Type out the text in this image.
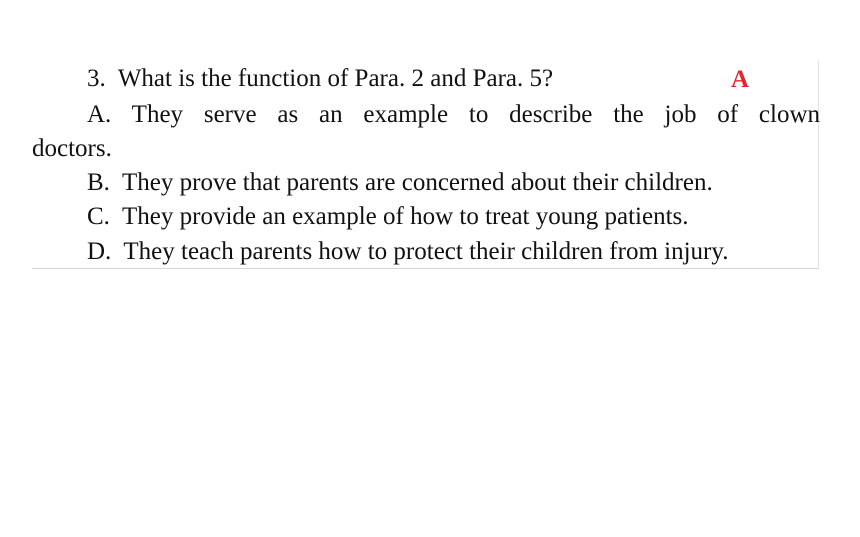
3. What is the function of Para. 2 and Para. 5?	A
A. They serve as an example to describe the job of clown
doctors.
B. They prove that parents are concerned about their children.
C. They provide an example of how to treat young patients.
D. They teach parents how to protect their children from injury.
